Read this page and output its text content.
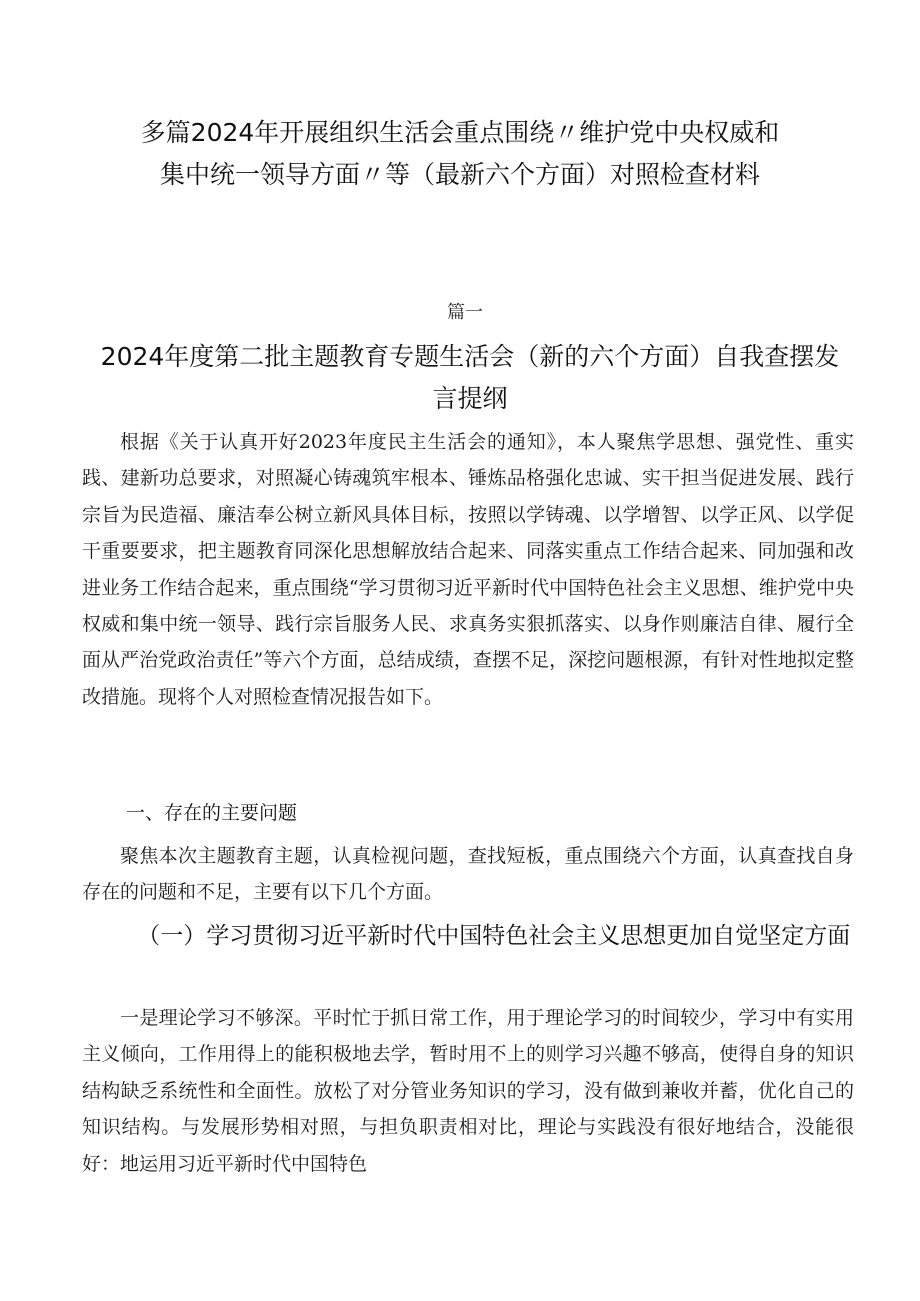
多篇2024年开展组织生活会重点围绕〃维护党中央权威和集中统一领导方面〃等（最新六个方面）对照检查材料
篇一
2024年度第二批主题教育专题生活会（新的六个方面）自我查摆发言提纲

根据《关于认真开好2023年度民主生活会的通知》，本人聚焦学思想、强党性、重实践、建新功总要求，对照凝心铸魂筑牢根本、锤炼品格强化忠诚、实干担当促进发展、践行宗旨为民造福、廉洁奉公树立新风具体目标，按照以学铸魂、以学增智、以学正风、以学促干重要要求，把主题教育同深化思想解放结合起来、同落实重点工作结合起来、同加强和改进业务工作结合起来，重点围绕“学习贯彻习近平新时代中国特色社会主义思想、维护党中央权威和集中统一领导、践行宗旨服务人民、求真务实狠抓落实、以身作则廉洁自律、履行全面从严治党政治责任”等六个方面，总结成绩，查摆不足，深挖问题根源，有针对性地拟定整改措施。现将个人对照检查情况报告如下。

一、存在的主要问题

聚焦本次主题教育主题，认真检视问题，查找短板，重点围绕六个方面，认真查找自身存在的问题和不足，主要有以下几个方面。

（一）学习贯彻习近平新时代中国特色社会主义思想更加自觉坚定方面

一是理论学习不够深。平时忙于抓日常工作，用于理论学习的时间较少，学习中有实用主义倾向，工作用得上的能积极地去学，暂时用不上的则学习兴趣不够高，使得自身的知识结构缺乏系统性和全面性。放松了对分管业务知识的学习，没有做到兼收并蓄，优化自己的知识结构。与发展形势相对照，与担负职责相对比，理论与实践没有很好地结合，没能很好：地运用习近平新时代中国特色
